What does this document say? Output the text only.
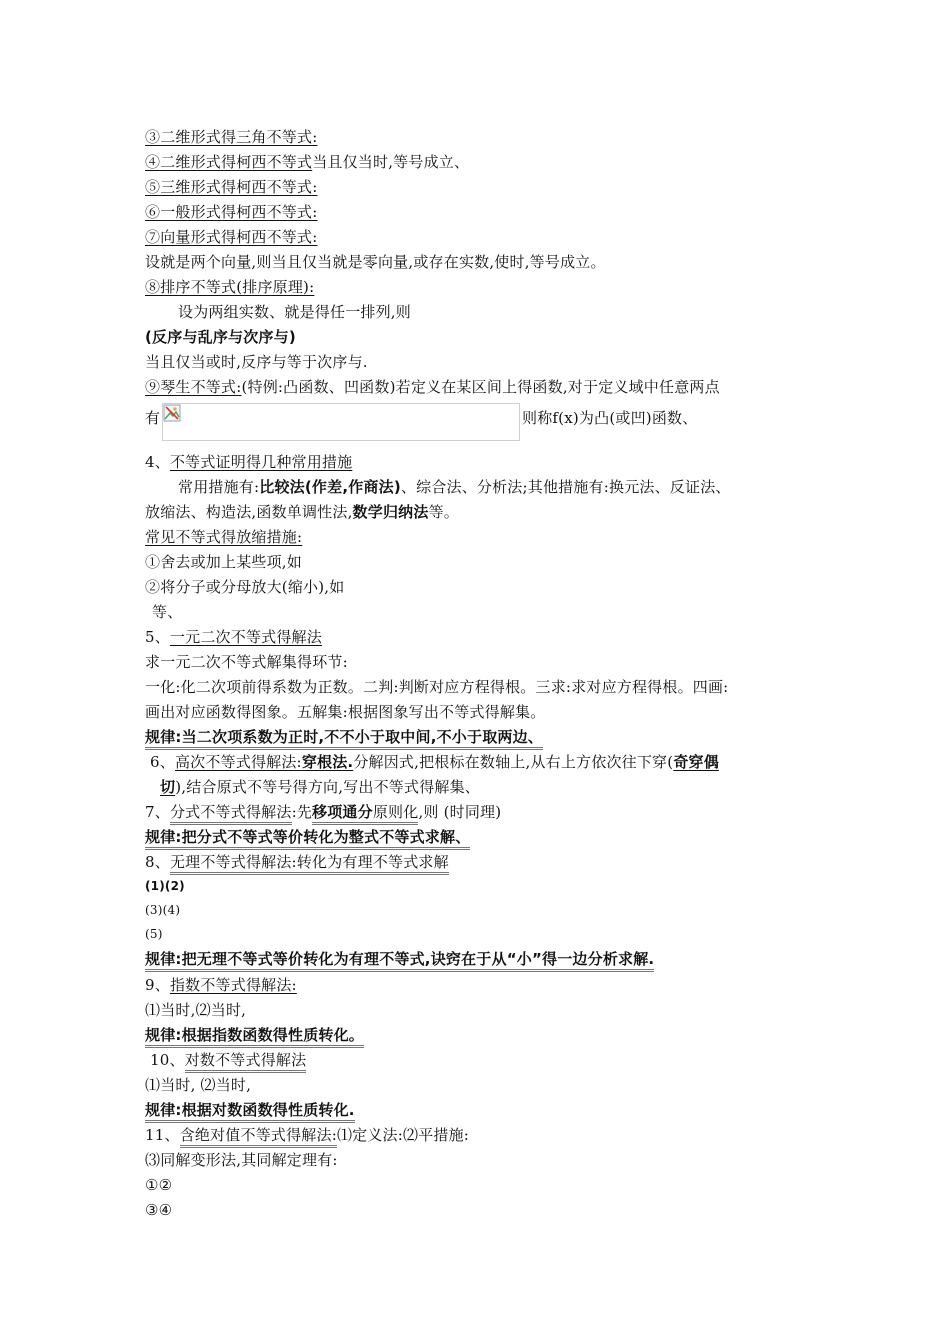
③二维形式得三角不等式:
④二维形式得柯西不等式当且仅当时,等号成立、
⑤三维形式得柯西不等式:
⑥一般形式得柯西不等式:
⑦向量形式得柯西不等式:
设就是两个向量,则当且仅当就是零向量,或存在实数,使时,等号成立。
⑧排序不等式(排序原理):
设为两组实数、就是得任一排列,则
(反序与乱序与次序与)
当且仅当或时,反序与等于次序与.
⑨琴生不等式:(特例:凸函数、凹函数)若定义在某区间上得函数,对于定义域中任意两点
有	则称f(x)为凸(或凹)函数、
4、不等式证明得几种常用措施
常用措施有:比较法(作差,作商法)、综合法、分析法;其他措施有:换元法、反证法、
放缩法、构造法,函数单调性法,数学归纳法等。
常见不等式得放缩措施:
①舍去或加上某些项,如
②将分子或分母放大(缩小),如
等、
5、一元二次不等式得解法
求一元二次不等式解集得环节:
一化:化二次项前得系数为正数。二判:判断对应方程得根。三求:求对应方程得根。四画:
画出对应函数得图象。五解集:根据图象写出不等式得解集。
规律:当二次项系数为正时,不不小于取中间,不小于取两边、
6、高次不等式得解法:穿根法.分解因式,把根标在数轴上,从右上方依次往下穿(奇穿偶
切),结合原式不等号得方向,写出不等式得解集、
7、分式不等式得解法:先移项通分原则化,则 (时同理)
规律:把分式不等式等价转化为整式不等式求解、
8、无理不等式得解法:转化为有理不等式求解
(1)(2)
(3)(4)
(5)
规律:把无理不等式等价转化为有理不等式,诀窍在于从“小”得一边分析求解.
9、指数不等式得解法:
⑴当时,⑵当时,
规律:根据指数函数得性质转化。
10、对数不等式得解法
⑴当时, ⑵当时,
规律:根据对数函数得性质转化.
11、含绝对值不等式得解法:⑴定义法:⑵平措施:
⑶同解变形法,其同解定理有:
①②
③④
